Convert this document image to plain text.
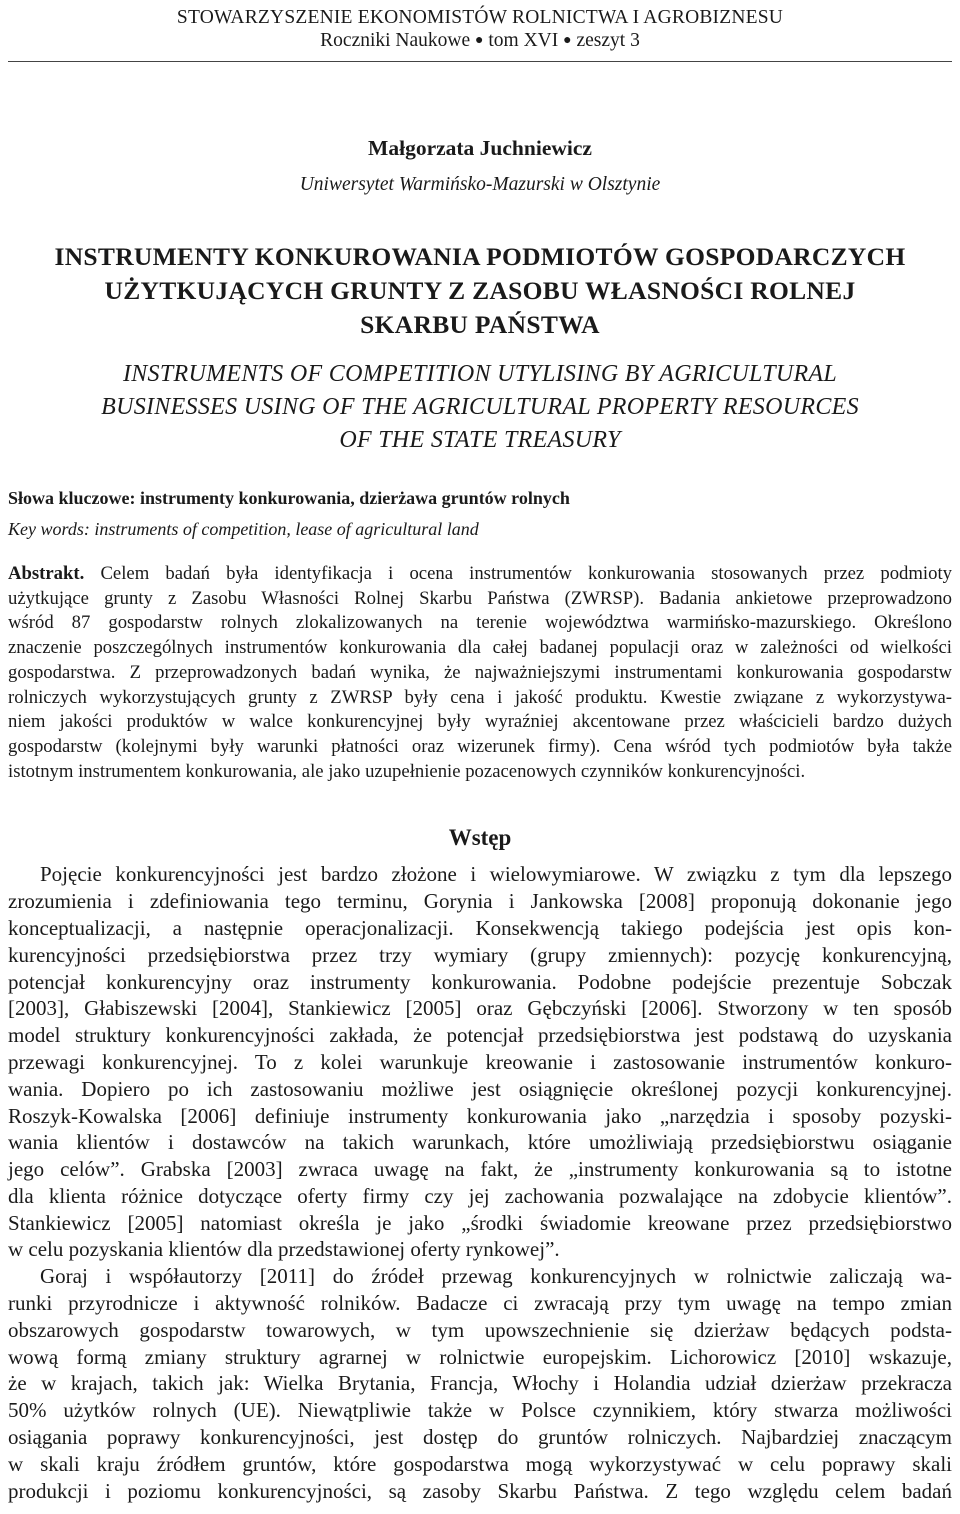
STOWARZYSZENIE EKONOMISTÓW ROLNICTWA I AGROBIZNESU
Roczniki Naukowe ● tom XVI ● zeszyt 3
Małgorzata Juchniewicz
Uniwersytet Warmińsko-Mazurski w Olsztynie
INSTRUMENTY KONKUROWANIA PODMIOTÓW GOSPODARCZYCH
UŻYTKUJĄCYCH GRUNTY Z ZASOBU WŁASNOŚCI ROLNEJ
SKARBU PAŃSTWA
INSTRUMENTS OF COMPETITION UTYLISING BY AGRICULTURAL
BUSINESSES USING OF THE AGRICULTURAL PROPERTY RESOURCES
OF THE STATE TREASURY
Słowa kluczowe: instrumenty konkurowania, dzierżawa gruntów rolnych
Key words: instruments of competition, lease of agricultural land
Abstrakt. Celem badań była identyfikacja i ocena instrumentów konkurowania stosowanych przez podmioty
użytkujące grunty z Zasobu Własności Rolnej Skarbu Państwa (ZWRSP). Badania ankietowe przeprowadzono
wśród 87 gospodarstw rolnych zlokalizowanych na terenie województwa warmińsko-mazurskiego. Określono
znaczenie poszczególnych instrumentów konkurowania dla całej badanej populacji oraz w zależności od wielkości
gospodarstwa. Z przeprowadzonych badań wynika, że najważniejszymi instrumentami konkurowania gospodarstw
rolniczych wykorzystujących grunty z ZWRSP były cena i jakość produktu. Kwestie związane z wykorzystywa-
niem jakości produktów w walce konkurencyjnej były wyraźniej akcentowane przez właścicieli bardzo dużych
gospodarstw (kolejnymi były warunki płatności oraz wizerunek firmy). Cena wśród tych podmiotów była także
istotnym instrumentem konkurowania, ale jako uzupełnienie pozacenowych czynników konkurencyjności.
Wstęp
Pojęcie konkurencyjności jest bardzo złożone i wielowymiarowe. W związku z tym dla lepszego
zrozumienia i zdefiniowania tego terminu, Gorynia i Jankowska [2008] proponują dokonanie jego
konceptualizacji, a następnie operacjonalizacji. Konsekwencją takiego podejścia jest opis kon-
kurencyjności przedsiębiorstwa przez trzy wymiary (grupy zmiennych): pozycję konkurencyjną,
potencjał konkurencyjny oraz instrumenty konkurowania. Podobne podejście prezentuje Sobczak
[2003], Głabiszewski [2004], Stankiewicz [2005] oraz Gębczyński [2006]. Stworzony w ten sposób
model struktury konkurencyjności zakłada, że potencjał przedsiębiorstwa jest podstawą do uzyskania
przewagi konkurencyjnej. To z kolei warunkuje kreowanie i zastosowanie instrumentów konkuro-
wania. Dopiero po ich zastosowaniu możliwe jest osiągnięcie określonej pozycji konkurencyjnej.
Roszyk-Kowalska [2006] definiuje instrumenty konkurowania jako „narzędzia i sposoby pozyski-
wania klientów i dostawców na takich warunkach, które umożliwiają przedsiębiorstwu osiąganie
jego celów”. Grabska [2003] zwraca uwagę na fakt, że „instrumenty konkurowania są to istotne
dla klienta różnice dotyczące oferty firmy czy jej zachowania pozwalające na zdobycie klientów”.
Stankiewicz [2005] natomiast określa je jako „środki świadomie kreowane przez przedsiębiorstwo
w celu pozyskania klientów dla przedstawionej oferty rynkowej”.
Goraj i współautorzy [2011] do źródeł przewag konkurencyjnych w rolnictwie zaliczają wa-
runki przyrodnicze i aktywność rolników. Badacze ci zwracają przy tym uwagę na tempo zmian
obszarowych gospodarstw towarowych, w tym upowszechnienie się dzierżaw będących podsta-
wową formą zmiany struktury agrarnej w rolnictwie europejskim. Lichorowicz [2010] wskazuje,
że w krajach, takich jak: Wielka Brytania, Francja, Włochy i Holandia udział dzierżaw przekracza
50% użytków rolnych (UE). Niewątpliwie także w Polsce czynnikiem, który stwarza możliwości
osiągania poprawy konkurencyjności, jest dostęp do gruntów rolniczych. Najbardziej znaczącym
w skali kraju źródłem gruntów, które gospodarstwa mogą wykorzystywać w celu poprawy skali
produkcji i poziomu konkurencyjności, są zasoby Skarbu Państwa. Z tego względu celem badań
